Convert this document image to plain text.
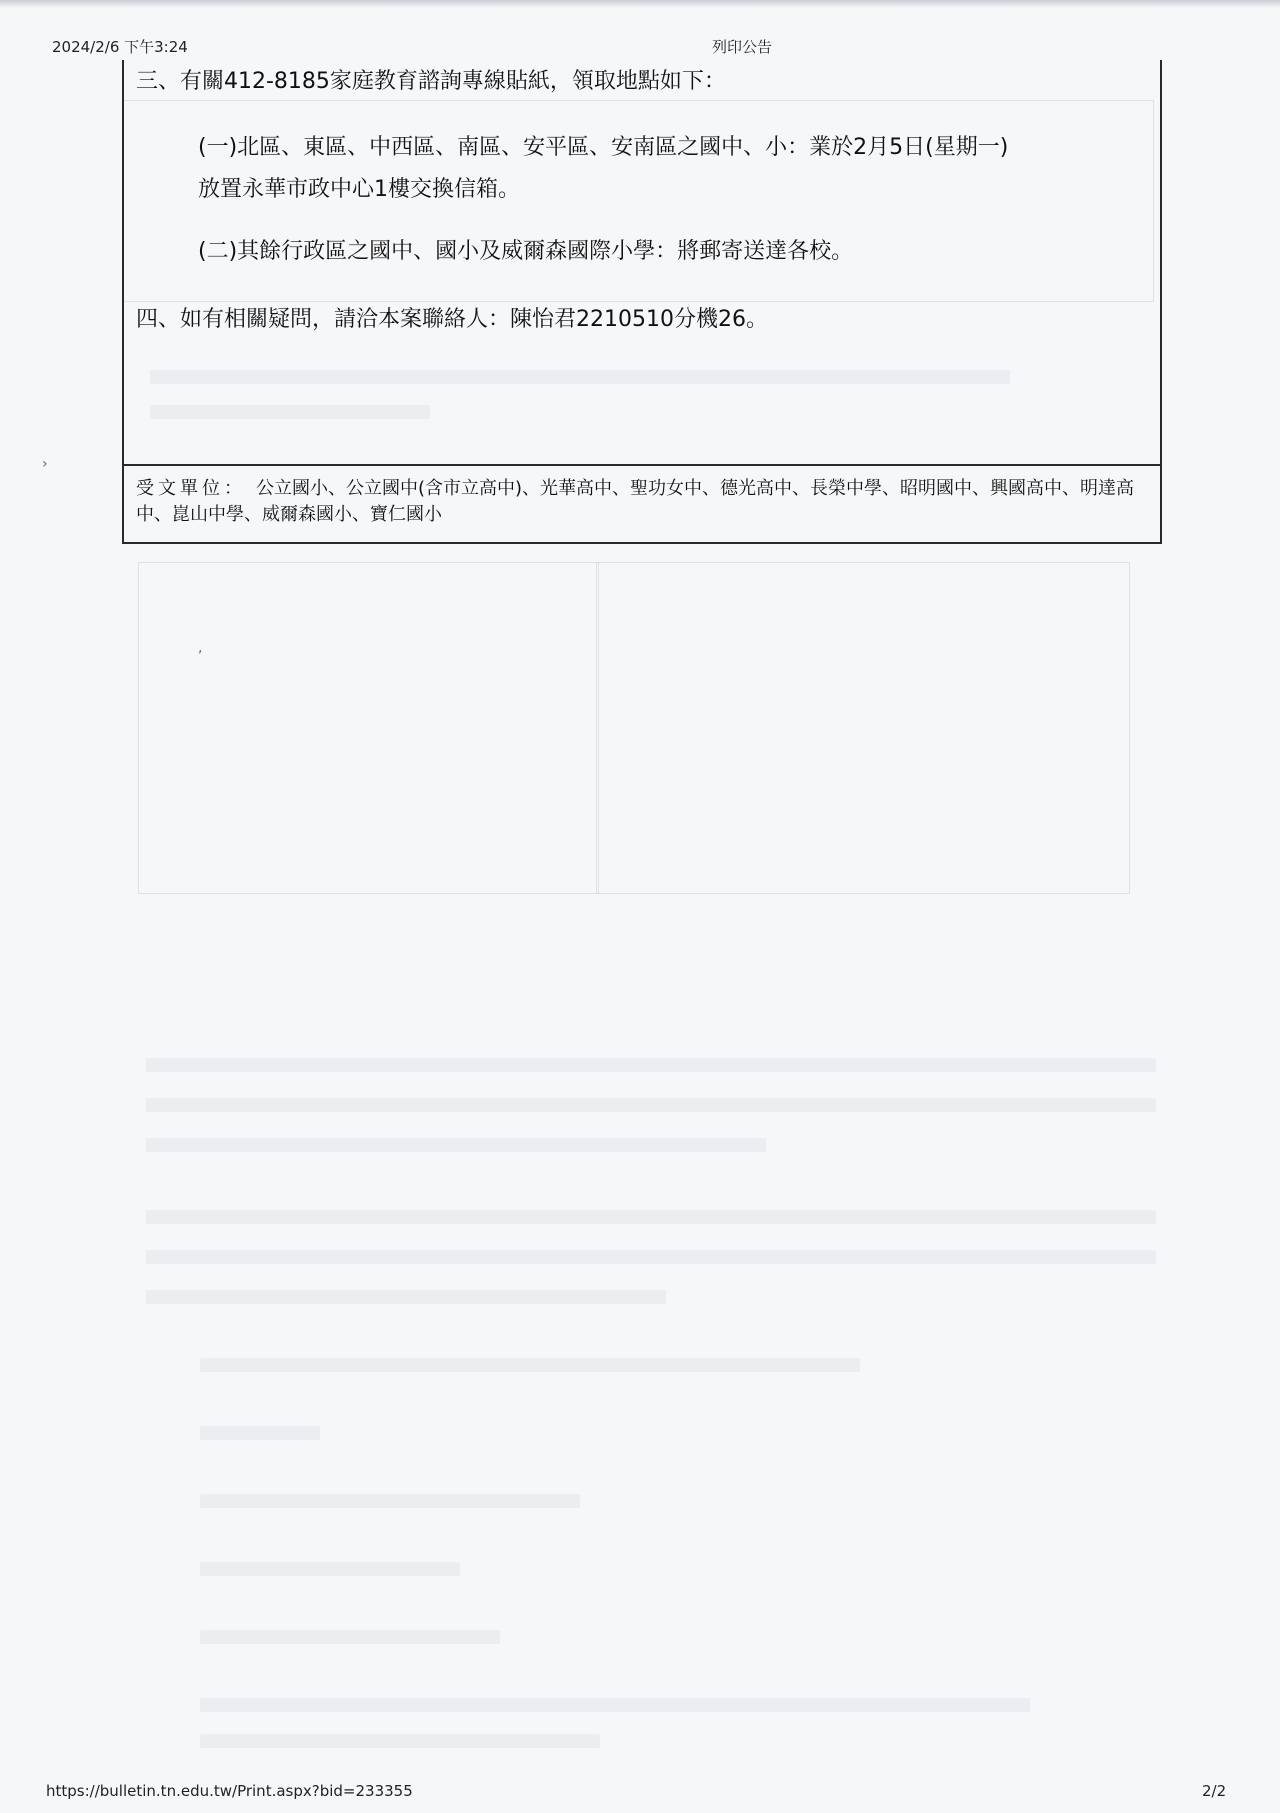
2024/2/6 下午3:24	列印公告
三、有關412-8185家庭教育諮詢專線貼紙，領取地點如下：
(一)北區、東區、中西區、南區、安平區、安南區之國中、小：業於2月5日(星期一)
放置永華市政中心1樓交換信箱。
(二)其餘行政區之國中、國小及威爾森國際小學：將郵寄送達各校。
四、如有相關疑問，請洽本案聯絡人：陳怡君2210510分機26。
受文單位： 公立國小、公立國中(含市立高中)、光華高中、聖功女中、德光高中、長榮中學、昭明國中、興國高中、明達高中、崑山中學、威爾森國小、寶仁國小
›
,
https://bulletin.tn.edu.tw/Print.aspx?bid=233355	2/2
